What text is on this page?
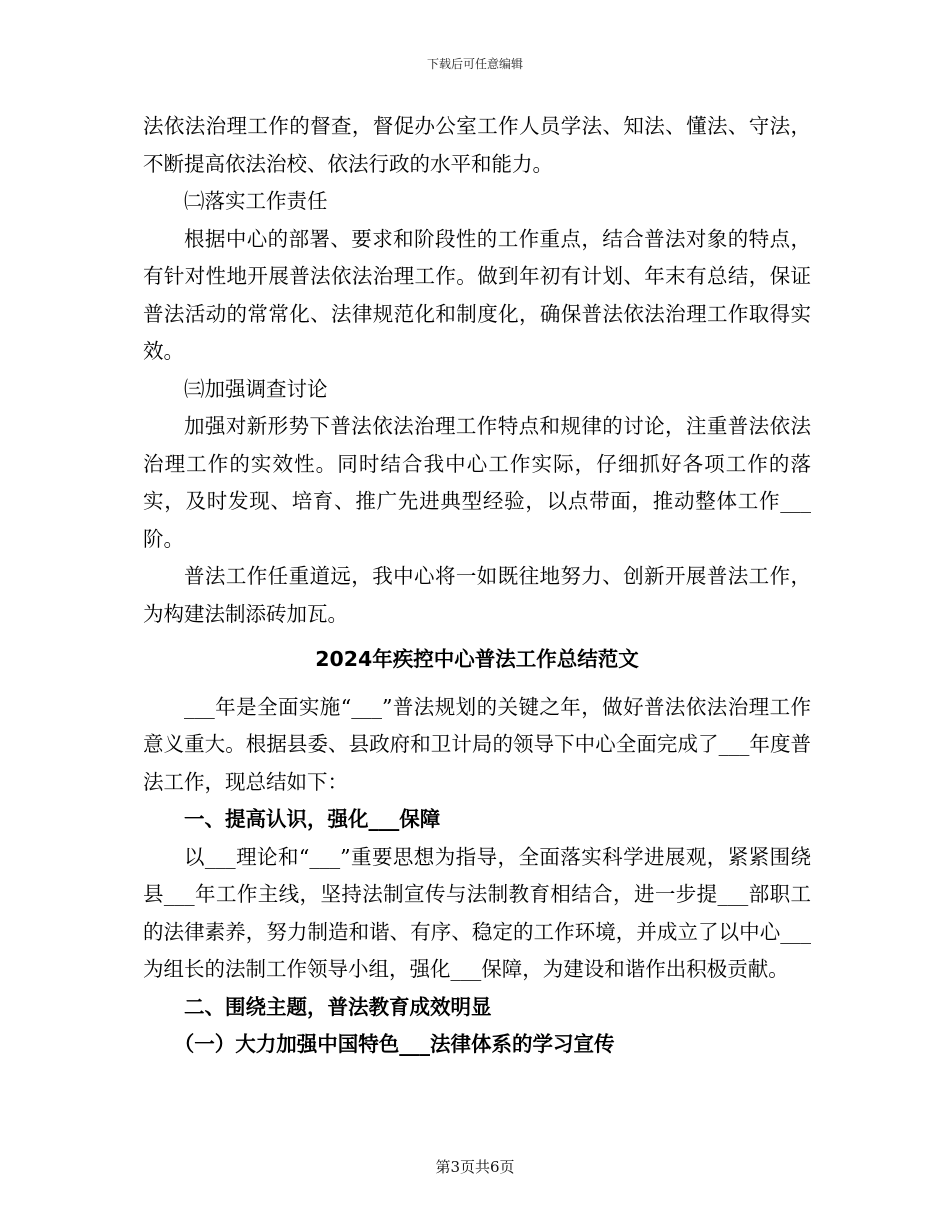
下载后可任意编辑

法依法治理工作的督查，督促办公室工作人员学法、知法、懂法、守法，不断提高依法治校、依法行政的水平和能力。

㈡落实工作责任

根据中心的部署、要求和阶段性的工作重点，结合普法对象的特点，有针对性地开展普法依法治理工作。做到年初有计划、年末有总结，保证普法活动的常常化、法律规范化和制度化，确保普法依法治理工作取得实效。

㈢加强调查讨论

加强对新形势下普法依法治理工作特点和规律的讨论，注重普法依法治理工作的实效性。同时结合我中心工作实际，仔细抓好各项工作的落实，及时发现、培育、推广先进典型经验，以点带面，推动整体工作___阶。

普法工作任重道远，我中心将一如既往地努力、创新开展普法工作，为构建法制添砖加瓦。

2024年疾控中心普法工作总结范文

___年是全面实施“___”普法规划的关键之年，做好普法依法治理工作意义重大。根据县委、县政府和卫计局的领导下中心全面完成了___年度普法工作，现总结如下：

一、提高认识，强化___保障

以___理论和“___”重要思想为指导，全面落实科学进展观，紧紧围绕县___年工作主线，坚持法制宣传与法制教育相结合，进一步提___部职工的法律素养，努力制造和谐、有序、稳定的工作环境，并成立了以中心___为组长的法制工作领导小组，强化___保障，为建设和谐作出积极贡献。

二、围绕主题，普法教育成效明显

（一）大力加强中国特色___法律体系的学习宣传

第3页共6页
